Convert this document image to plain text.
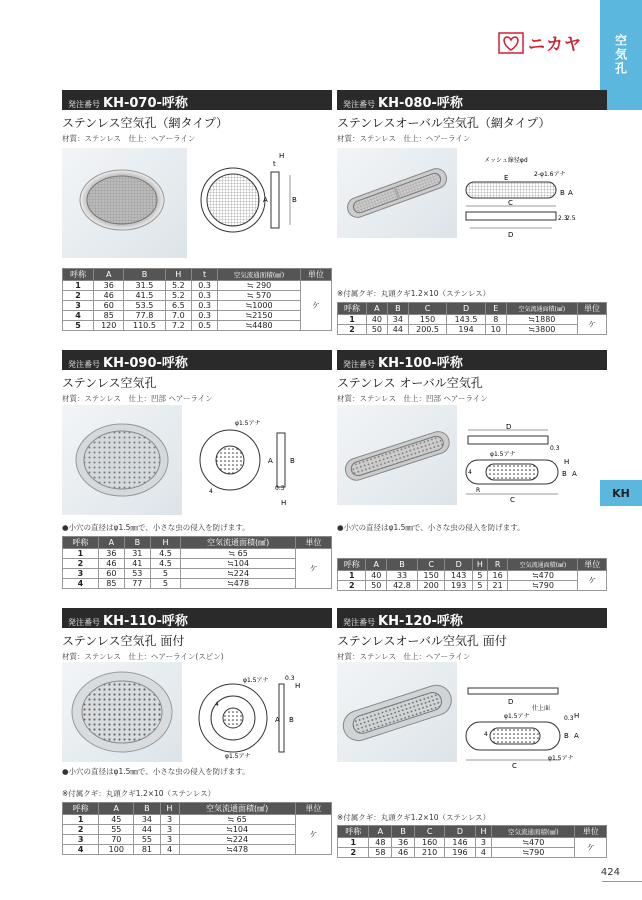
空気孔
KH
ニカヤ
発注番号 KH-070-呼称
ステンレス空気孔（網タイプ）
材質：ステンレス　仕上：ヘアーライン
B
A
H
t
呼称	A	B	H	t	空気流通面積(㎟)	単位
1	36	31.5	5.2	0.3	≒ 290	ケ
2	46	41.5	5.2	0.3	≒ 570	
3	60	53.5	6.5	0.3	≒1000	
4	85	77.8	7.0	0.3	≒2150	
5	120	110.5	7.2	0.5	≒4480	
発注番号 KH-080-呼称
ステンレスオーバル空気孔（網タイプ）
材質：ステンレス　仕上：ヘアーライン
メッシュ線径φd
2-φ1.6アナ
C
D
E
B A
2.3
2.5
※付属クギ：丸頭クギ1.2×10（ステンレス）
呼称	A	B	C	D	E	空気流通面積(㎟)	単位
1	40	34	150	143.5	8	≒1880	ケ
2	50	44	200.5	194	10	≒3800	
発注番号 KH-090-呼称
ステンレス空気孔
材質：ステンレス　仕上：凹部 ヘアーライン
φ1.5アナ
A B
0.3
H
4
●小穴の直径はφ1.5㎜で、小さな虫の侵入を防げます。
呼称	A	B	H	空気流通面積(㎟)	単位
1	36	31	4.5	≒ 65	ケ
2	46	41	4.5	≒104	
3	60	53	5	≒224	
4	85	77	5	≒478	
発注番号 KH-100-呼称
ステンレス オーバル空気孔
材質：ステンレス　仕上：凹部 ヘアーライン
D
φ1.5アナ
C
0.3
H
B A
4
R
●小穴の直径はφ1.5㎜で、小さな虫の侵入を防げます。
呼称	A	B	C	D	H	R	空気流通面積(㎟)	単位
1	40	33	150	143	5	16	≒470	ケ
2	50	42.8	200	193	5	21	≒790	
発注番号 KH-110-呼称
ステンレス空気孔 面付
材質：ステンレス　仕上：ヘアーライン(スピン)
φ1.5アナ
A B
0.3
H
4
φ1.5アナ
●小穴の直径はφ1.5㎜で、小さな虫の侵入を防げます。
※付属クギ：丸頭クギ1.2×10（ステンレス）
呼称	A	B	H	空気流通面積(㎟)	単位
1	45	34	3	≒ 65	ケ
2	55	44	3	≒104	
3	70	55	3	≒224	
4	100	81	4	≒478	
発注番号 KH-120-呼称
ステンレスオーバル空気孔 面付
材質：ステンレス　仕上：ヘアーライン
D
仕上面
φ1.5アナ
C
0.3 H
B A
4
φ1.5アナ
※付属クギ：丸頭クギ1.2×10（ステンレス）
呼称	A	B	C	D	H	空気流通面積(㎟)	単位
1	48	36	160	146	3	≒470	ケ
2	58	46	210	196	4	≒790	
424
